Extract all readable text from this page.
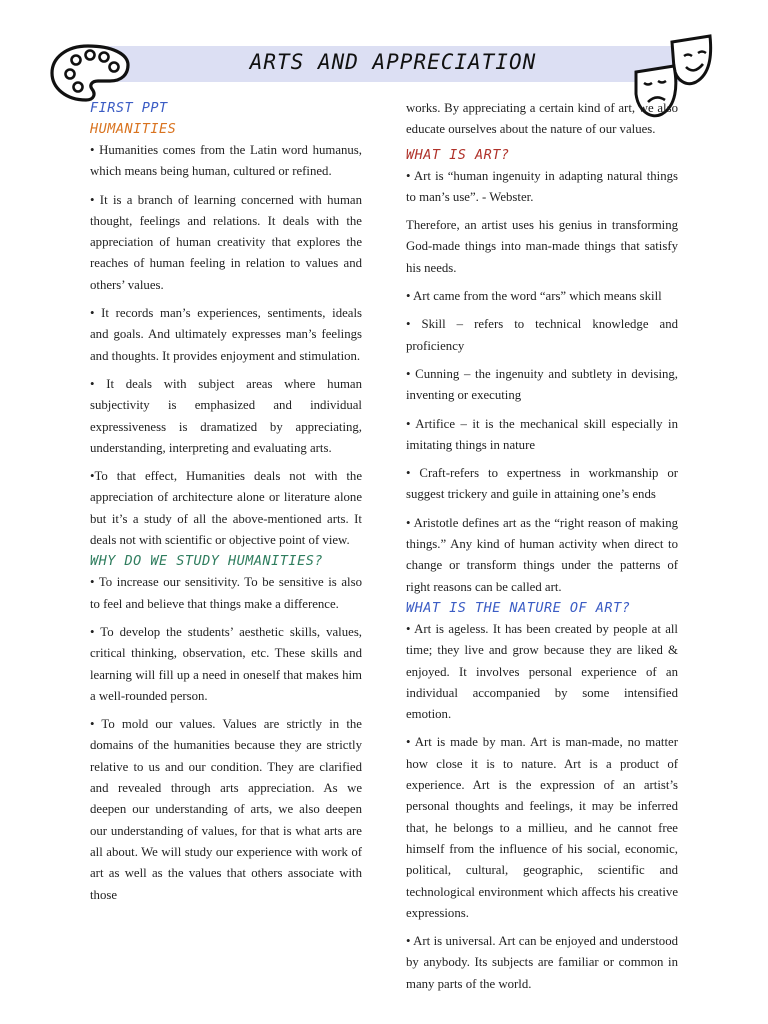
ARTS AND APPRECIATION
FIRST PPT
HUMANITIES

• Humanities comes from the Latin word humanus, which means being human, cultured or refined.

• It is a branch of learning concerned with human thought, feelings and relations. It deals with the appreciation of human creativity that explores the reaches of human feeling in relation to values and others’ values.

• It records man’s experiences, sentiments, ideals and goals. And ultimately expresses man’s feelings and thoughts. It provides enjoyment and stimulation.

• It deals with subject areas where human subjectivity is emphasized and individual expressiveness is dramatized by appreciating, understanding, interpreting and evaluating arts.

•To that effect, Humanities deals not with the appreciation of architecture alone or literature alone but it’s a study of all the above-mentioned arts. It deals not with scientific or objective point of view.

WHY DO WE STUDY HUMANITIES?

• To increase our sensitivity. To be sensitive is also to feel and believe that things make a difference.

• To develop the students’ aesthetic skills, values, critical thinking, observation, etc. These skills and learning will fill up a need in oneself that makes him a well-rounded person.

• To mold our values. Values are strictly in the domains of the humanities because they are strictly relative to us and our condition. They are clarified and revealed through arts appreciation. As we deepen our understanding of arts, we also deepen our understanding of values, for that is what arts are all about. We will study our experience with work of art as well as the values that others associate with those

works. By appreciating a certain kind of art, we also educate ourselves about the nature of our values.

WHAT IS ART?

• Art is “human ingenuity in adapting natural things to man’s use”. - Webster.

Therefore, an artist uses his genius in transforming God-made things into man-made things that satisfy his needs.

• Art came from the word “ars” which means skill

• Skill – refers to technical knowledge and proficiency

• Cunning – the ingenuity and subtlety in devising, inventing or executing

• Artifice – it is the mechanical skill especially in imitating things in nature

• Craft-refers to expertness in workmanship or suggest trickery and guile in attaining one’s ends

• Aristotle defines art as the “right reason of making things.” Any kind of human activity when direct to change or transform things under the patterns of right reasons can be called art.

WHAT IS THE NATURE OF ART?

• Art is ageless. It has been created by people at all time; they live and grow because they are liked & enjoyed. It involves personal experience of an individual accompanied by some intensified emotion.

• Art is made by man. Art is man-made, no matter how close it is to nature. Art is a product of experience. Art is the expression of an artist’s personal thoughts and feelings, it may be inferred that, he belongs to a millieu, and he cannot free himself from the influence of his social, economic, political, cultural, geographic, scientific and technological environment which affects his creative expressions.

• Art is universal. Art can be enjoyed and understood by anybody. Its subjects are familiar or common in many parts of the world.
